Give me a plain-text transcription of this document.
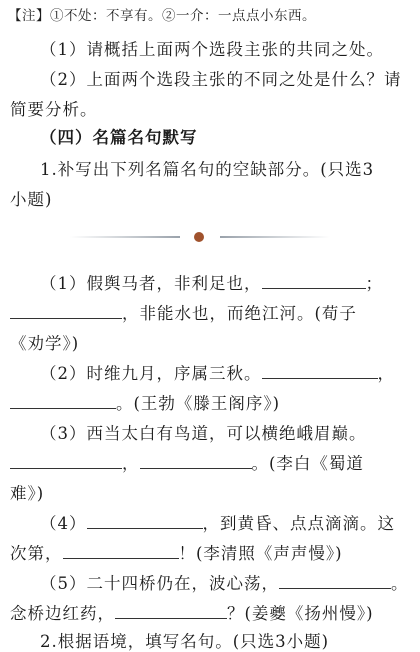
【注】①不处：不享有。②一介：一点点小东西。
（1）请概括上面两个选段主张的共同之处。
（2）上面两个选段主张的不同之处是什么？请
简要分析。
（四）名篇名句默写
1.补写出下列名篇名句的空缺部分。(只选3
小题)
（1）假舆马者，非利足也，	；
，非能水也，而绝江河。(荀子
《劝学》)
（2）时维九月，序属三秋。	，
。(王勃《滕王阁序》)
（3）西当太白有鸟道，可以横绝峨眉巅。
，	。(李白《蜀道
难》)
（4）	，到黄昏、点点滴滴。这
次第，	！(李清照《声声慢》)
（5）二十四桥仍在，波心荡，	。
念桥边红药，	？(姜夔《扬州慢》)
2.根据语境，填写名句。(只选3小题)
